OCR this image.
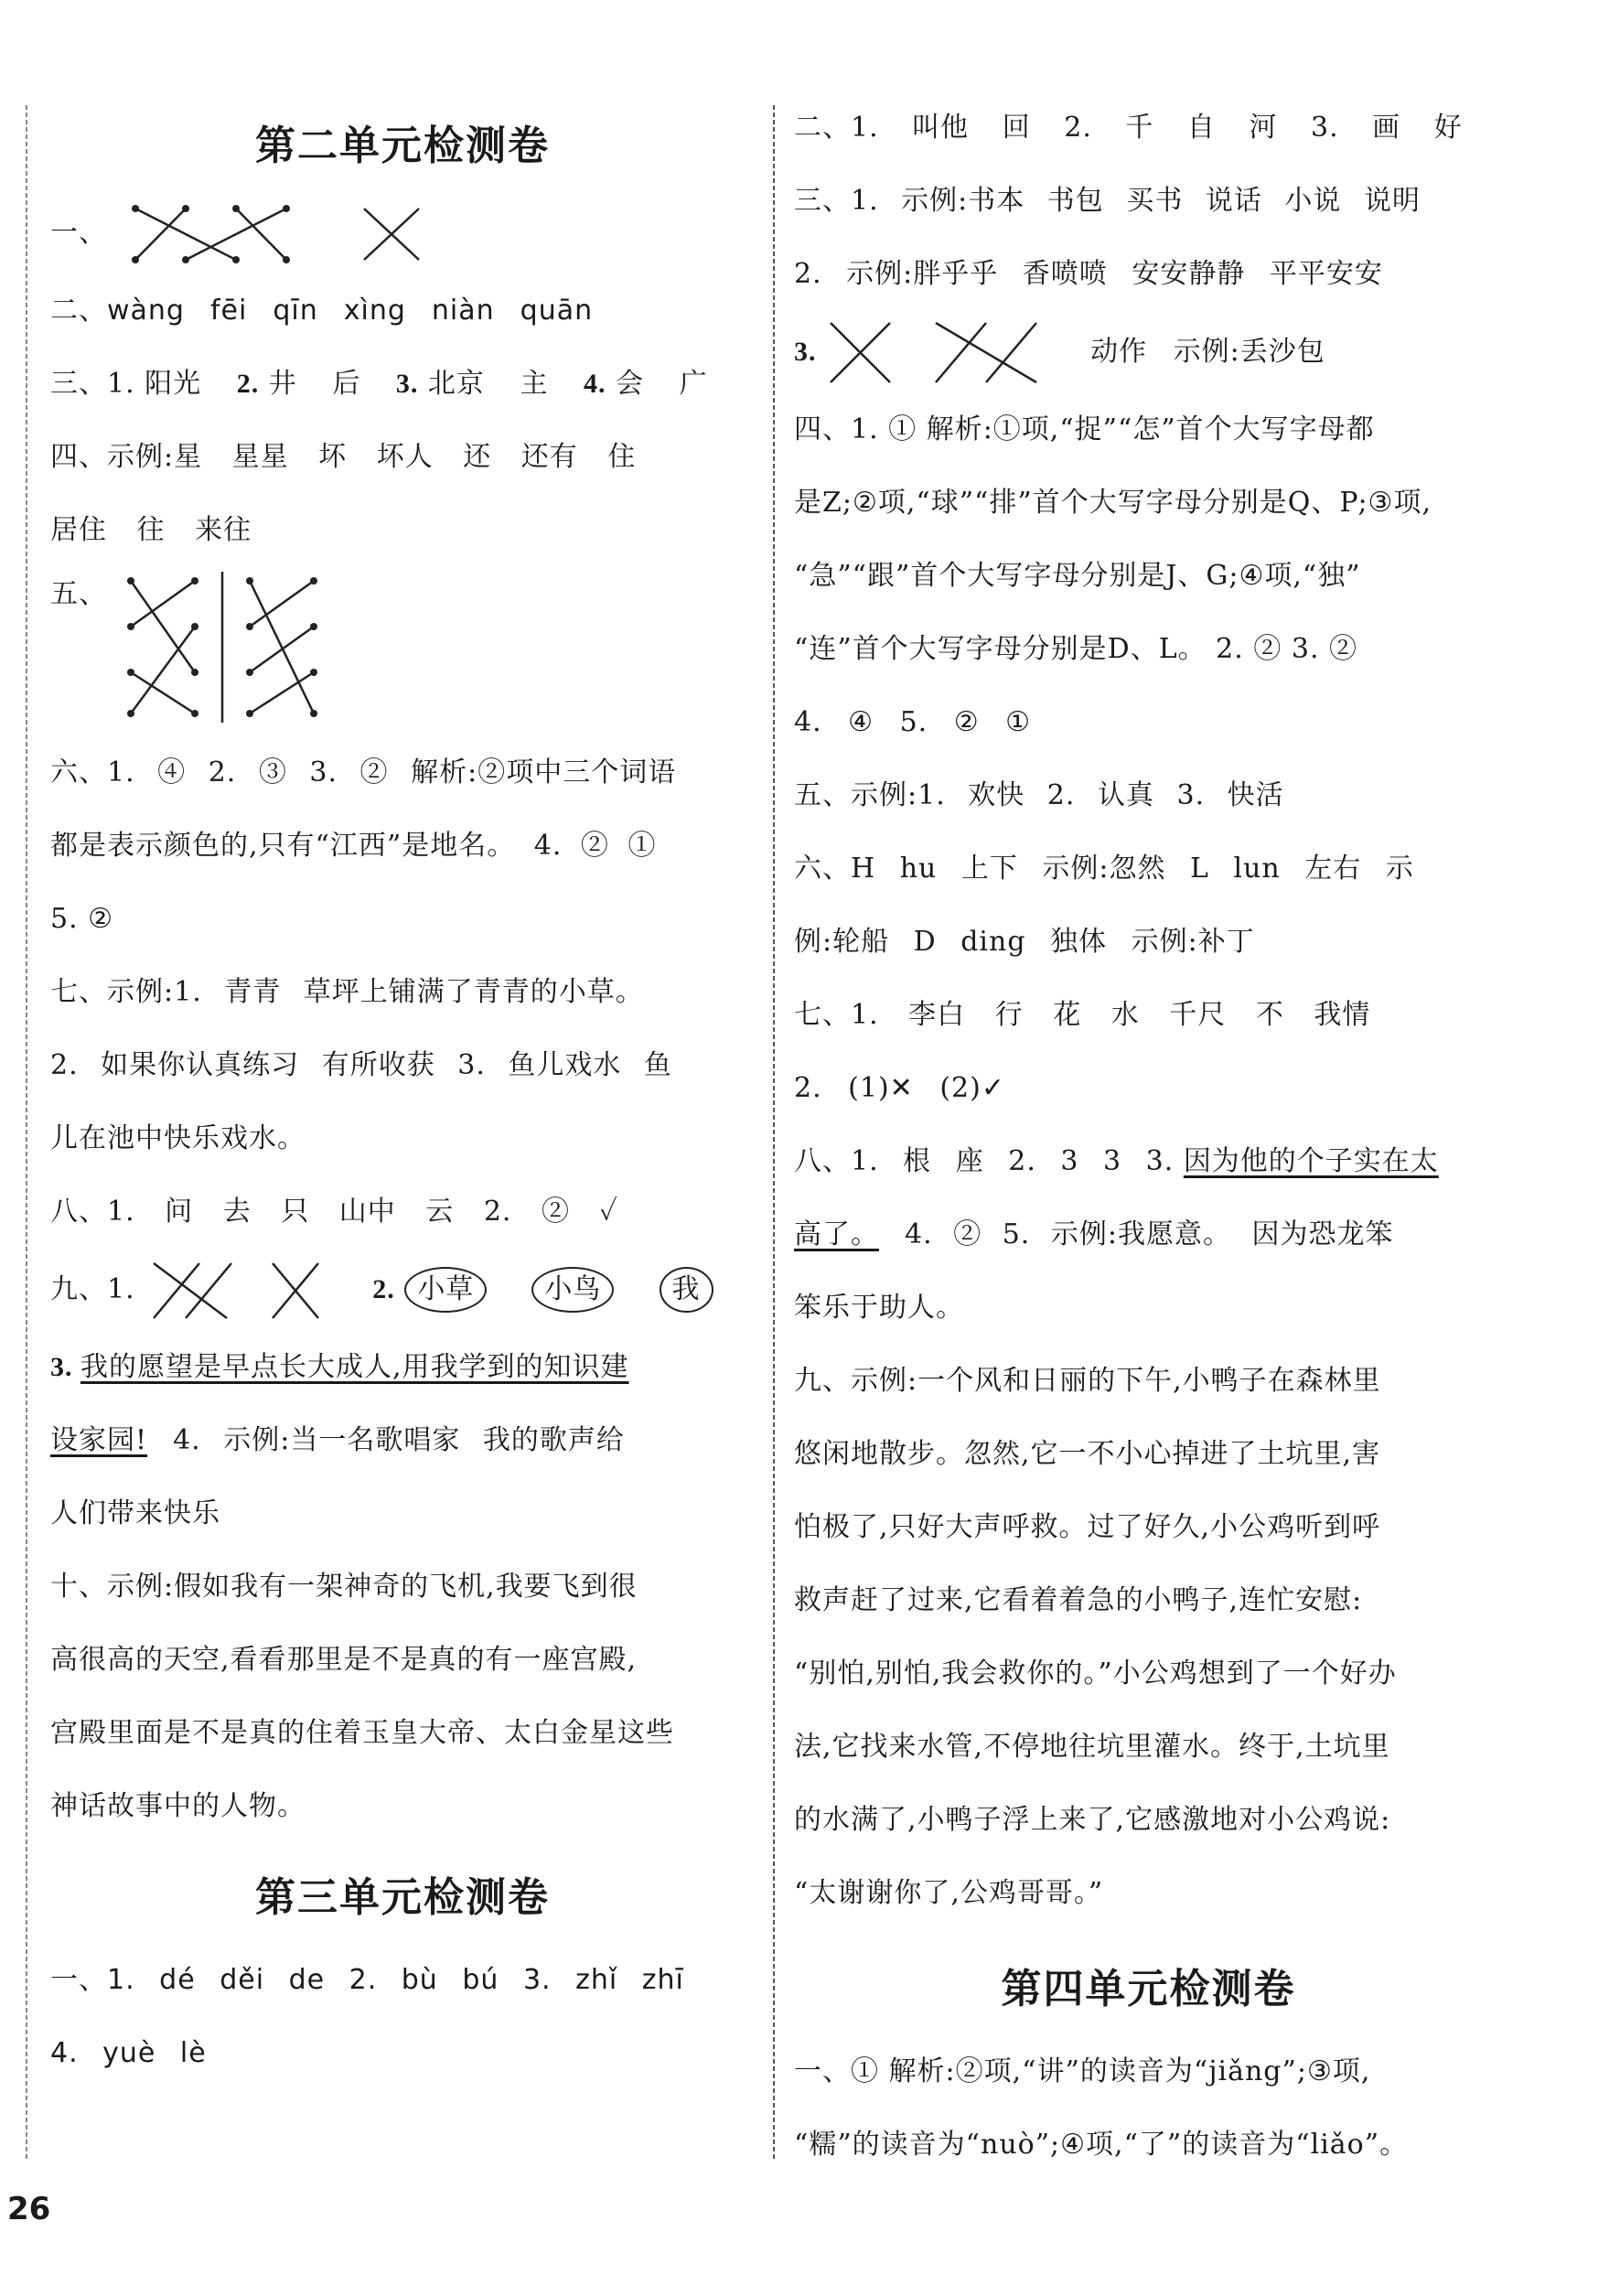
第二单元检测卷
一、
二、wàng fēi qīn xìng niàn quān
三、1. 阳光 2. 井 后 3. 北京 主 4. 会 广
四、示例:星 星星 坏 坏人 还 还有 住
居住 往 来往
五、
六、1. ④ 2. ③ 3. ② 解析:②项中三个词语
都是表示颜色的,只有“江西”是地名。 4. ② ①
5. ②
七、示例:1. 青青 草坪上铺满了青青的小草。
2. 如果你认真练习 有所收获 3. 鱼儿戏水 鱼
儿在池中快乐戏水。
八、1. 问 去 只 山中 云 2. ② ✓
九、1.	2. 小草	小鸟	我
3. 我的愿望是早点长大成人,用我学到的知识建
设家园! 4. 示例:当一名歌唱家 我的歌声给
人们带来快乐
十、示例:假如我有一架神奇的飞机,我要飞到很
高很高的天空,看看那里是不是真的有一座宫殿,
宫殿里面是不是真的住着玉皇大帝、太白金星这些
神话故事中的人物。
第三单元检测卷
一、1. dé děi de 2. bù bú 3. zhǐ zhī
4. yuè lè
二、1. 叫他 回 2. 千 自 河 3. 画 好
三、1. 示例:书本 书包 买书 说话 小说 说明
2. 示例:胖乎乎 香喷喷 安安静静 平平安安
3.	动作 示例:丢沙包
四、1. ① 解析:①项,“捉”“怎”首个大写字母都
是Z;②项,“球”“排”首个大写字母分别是Q、P;③项,
“急”“跟”首个大写字母分别是J、G;④项,“独”
“连”首个大写字母分别是D、L。 2. ② 3. ②
4. ④ 5. ② ①
五、示例:1. 欢快 2. 认真 3. 快活
六、H hu 上下 示例:忽然 L lun 左右 示
例:轮船 D ding 独体 示例:补丁
七、1. 李白 行 花 水 千尺 不 我情
2. (1)✕ (2)✓
八、1. 根 座 2. 3 3 3. 因为他的个子实在太
高了。 4. ② 5. 示例:我愿意。 因为恐龙笨
笨乐于助人。
九、示例:一个风和日丽的下午,小鸭子在森林里
悠闲地散步。忽然,它一不小心掉进了土坑里,害
怕极了,只好大声呼救。过了好久,小公鸡听到呼
救声赶了过来,它看着着急的小鸭子,连忙安慰:
“别怕,别怕,我会救你的。”小公鸡想到了一个好办
法,它找来水管,不停地往坑里灌水。终于,土坑里
的水满了,小鸭子浮上来了,它感激地对小公鸡说:
“太谢谢你了,公鸡哥哥。”
第四单元检测卷
一、① 解析:②项,“讲”的读音为“jiǎng”;③项,
“糯”的读音为“nuò”;④项,“了”的读音为“liǎo”。
26
